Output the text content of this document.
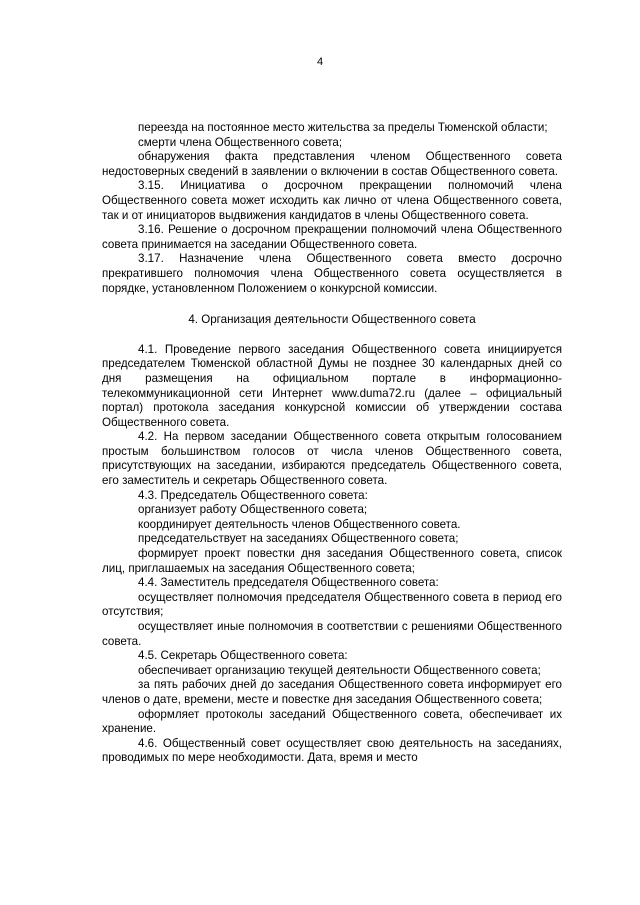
4

переезда на постоянное место жительства за пределы Тюменской области;

смерти члена Общественного совета;

обнаружения факта представления членом Общественного совета недостоверных сведений в заявлении о включении в состав Общественного совета.

3.15. Инициатива о досрочном прекращении полномочий члена Общественного совета может исходить как лично от члена Общественного совета, так и от инициаторов выдвижения кандидатов в члены Общественного совета.

3.16. Решение о досрочном прекращении полномочий члена Общественного совета принимается на заседании Общественного совета.

3.17. Назначение члена Общественного совета вместо досрочно прекратившего полномочия члена Общественного совета осуществляется в порядке, установленном Положением о конкурсной комиссии.

4. Организация деятельности Общественного совета

4.1. Проведение первого заседания Общественного совета инициируется председателем Тюменской областной Думы не позднее 30 календарных дней со дня размещения на официальном портале в информационно-телекоммуникационной сети Интернет www.duma72.ru (далее – официальный портал) протокола заседания конкурсной комиссии об утверждении состава Общественного совета.

4.2. На первом заседании Общественного совета открытым голосованием простым большинством голосов от числа членов Общественного совета, присутствующих на заседании, избираются председатель Общественного совета, его заместитель и секретарь Общественного совета.

4.3. Председатель Общественного совета:

организует работу Общественного совета;

координирует деятельность членов Общественного совета.

председательствует на заседаниях Общественного совета;

формирует проект повестки дня заседания Общественного совета, список лиц, приглашаемых на заседания Общественного совета;

4.4. Заместитель председателя Общественного совета:

осуществляет полномочия председателя Общественного совета в период его отсутствия;

осуществляет иные полномочия в соответствии с решениями Общественного совета.

4.5. Секретарь Общественного совета:

обеспечивает организацию текущей деятельности Общественного совета;

за пять рабочих дней до заседания Общественного совета информирует его членов о дате, времени, месте и повестке дня заседания Общественного совета;

оформляет протоколы заседаний Общественного совета, обеспечивает их хранение.

4.6. Общественный совет осуществляет свою деятельность на заседаниях, проводимых по мере необходимости. Дата, время и место
